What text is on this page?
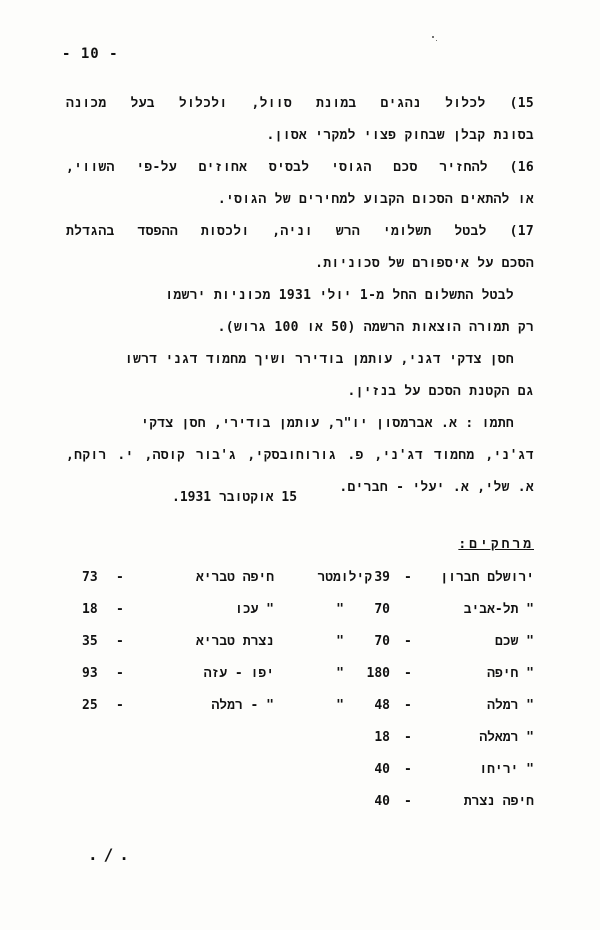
- 10 -
15) לכלול נהגים במונת סוול, ולכלול בעל מכונה
בסונת קבלן שבחוק פצוי למקרי אסון.
16) להחזיר סכם הגוסי לבסיס אחוזים על-פי השווי,
או להתאים הסכום הקבוע למחירים של הגוסי.
17) לבטל תשלומי הרש וניה, ולכסות ההפסד בהגדלת
הסכם על איספורם של סכוניות.
לבטל התשלום החל מ-1 יולי 1931 מכוניות ירשמו
רק תמורה הוצאות הרשמה (50 או 100 גרוש).
חסן צדקי דגני, עותמן בודירר ושיך מחמוד דגני דרשו
גם הקטנת הסכם על בנזין.
חתמו : א. אברמסון יו"ר, עותמן בודירי, חסן צדקי
דג'ני, מחמוד דג'ני, פ. גורוחובסקי, ג'בור קוסה, י. רוקח,
א. שלי, א. יעלי - חברים.
15 אוקטובר 1931.
מרחקים:
ירושלם חברון
-
39
קילומטר
" תל-אביב
70
"
" שכם
-
70
"
" חיפה
-
180
"
" רמלה
-
48
"
" רמאלה
-
18
" יריחו
-
40
חיפה נצרת
-
40
חיפה טבריא
-
73
" עכו
-
18
נצרת טבריא
-
35
יפו - עזה
-
93
" - רמלה
-
25
./.
